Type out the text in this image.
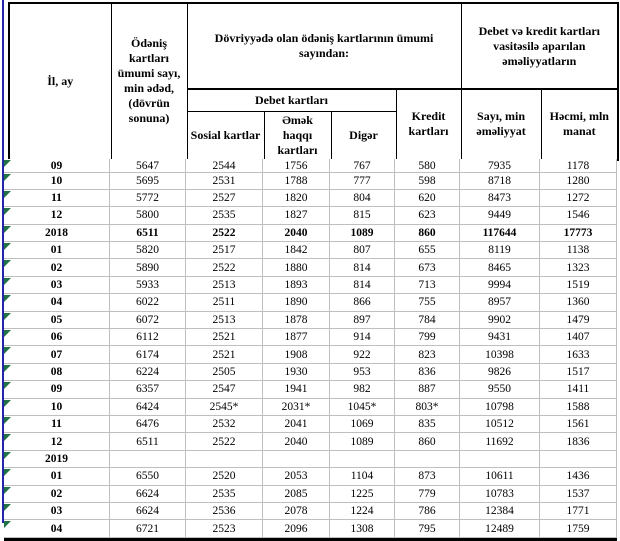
İl, ay	Ödəniş kartları ümumi sayı, min ədəd, (dövrün sonuna)	Dövriyyədə olan ödəniş kartlarının ümumi sayından:				Debet və kredit kartları vasitəsilə aparılan əməliyyatların	
		Debet kartları			Kredit kartları	Sayı, min əməliyyat	Həcmi, mln manat
		Sosial kartlar	Əmək haqqı kartları	Digər			
09	5647	2544	1756	767	580	7935	1178
10	5695	2531	1788	777	598	8718	1280
11	5772	2527	1820	804	620	8473	1272
12	5800	2535	1827	815	623	9449	1546
2018	6511	2522	2040	1089	860	117644	17773
01	5820	2517	1842	807	655	8119	1138
02	5890	2522	1880	814	673	8465	1323
03	5933	2513	1893	814	713	9994	1519
04	6022	2511	1890	866	755	8957	1360
05	6072	2513	1878	897	784	9902	1479
06	6112	2521	1877	914	799	9431	1407
07	6174	2521	1908	922	823	10398	1633
08	6224	2505	1930	953	836	9826	1517
09	6357	2547	1941	982	887	9550	1411
10	6424	2545*	2031*	1045*	803*	10798	1588
11	6476	2532	2041	1069	835	10512	1561
12	6511	2522	2040	1089	860	11692	1836
2019
01	6550	2520	2053	1104	873	10611	1436
02	6624	2535	2085	1225	779	10783	1537
03	6624	2536	2078	1224	786	12384	1771
04	6721	2523	2096	1308	795	12489	1759
